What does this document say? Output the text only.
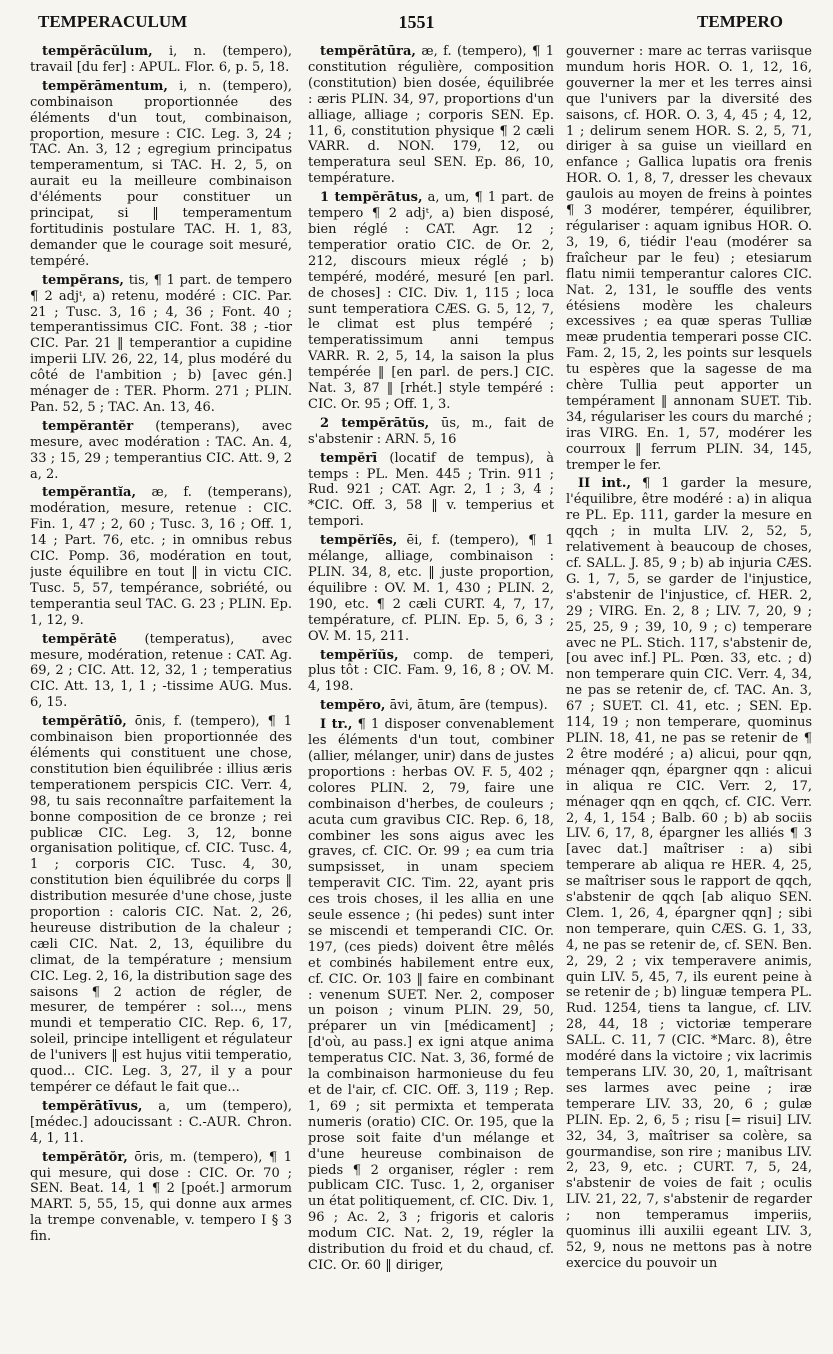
TEMPERACULUM	1551	TEMPERO

tempĕrācŭlum, i, n. (tempero), travail [du fer] : APUL. Flor. 6, p. 5, 18.

tempĕrāmentum, i, n. (tempero), combinaison proportionnée des éléments d'un tout, combinaison, proportion, mesure : CIC. Leg. 3, 24 ; TAC. An. 3, 12 ; egregium principatus temperamentum, si TAC. H. 2, 5, on aurait eu la meilleure combinaison d'éléments pour constituer un principat, si ‖ temperamentum fortitudinis postulare TAC. H. 1, 83, demander que le courage soit mesuré, tempéré.

tempĕrans, tis, ¶ 1 part. de tempero ¶ 2 adjᵗ, a) retenu, modéré : CIC. Par. 21 ; Tusc. 3, 16 ; 4, 36 ; Font. 40 ; temperantissimus CIC. Font. 38 ; -tior CIC. Par. 21 ‖ temperantior a cupidine imperii LIV. 26, 22, 14, plus modéré du côté de l'ambition ; b) [avec gén.] ménager de : TER. Phorm. 271 ; PLIN. Pan. 52, 5 ; TAC. An. 13, 46.

tempĕrantĕr (temperans), avec mesure, avec modération : TAC. An. 4, 33 ; 15, 29 ; temperantius CIC. Att. 9, 2 a, 2.

tempĕrantĭa, æ, f. (temperans), modération, mesure, retenue : CIC. Fin. 1, 47 ; 2, 60 ; Tusc. 3, 16 ; Off. 1, 14 ; Part. 76, etc. ; in omnibus rebus CIC. Pomp. 36, modération en tout, juste équilibre en tout ‖ in victu CIC. Tusc. 5, 57, tempérance, sobriété, ou temperantia seul TAC. G. 23 ; PLIN. Ep. 1, 12, 9.

tempĕrātē (temperatus), avec mesure, modération, retenue : CAT. Ag. 69, 2 ; CIC. Att. 12, 32, 1 ; temperatius CIC. Att. 13, 1, 1 ; -tissime AUG. Mus. 6, 15.

tempĕrātĭō, ōnis, f. (tempero), ¶ 1 combinaison bien proportionnée des éléments qui constituent une chose, constitution bien équilibrée : illius æris temperationem perspicis CIC. Verr. 4, 98, tu sais reconnaître parfaitement la bonne composition de ce bronze ; rei publicæ CIC. Leg. 3, 12, bonne organisation politique, cf. CIC. Tusc. 4, 1 ; corporis CIC. Tusc. 4, 30, constitution bien équilibrée du corps ‖ distribution mesurée d'une chose, juste proportion : caloris CIC. Nat. 2, 26, heureuse distribution de la chaleur ; cæli CIC. Nat. 2, 13, équilibre du climat, de la température ; mensium CIC. Leg. 2, 16, la distribution sage des saisons ¶ 2 action de régler, de mesurer, de tempérer : sol..., mens mundi et temperatio CIC. Rep. 6, 17, soleil, principe intelligent et régulateur de l'univers ‖ est hujus vitii temperatio, quod... CIC. Leg. 3, 27, il y a pour tempérer ce défaut le fait que...

tempĕrātīvus, a, um (tempero), [médec.] adoucissant : C.-AUR. Chron. 4, 1, 11.

tempĕrātŏr, ōris, m. (tempero), ¶ 1 qui mesure, qui dose : CIC. Or. 70 ; SEN. Beat. 14, 1 ¶ 2 [poét.] armorum MART. 5, 55, 15, qui donne aux armes la trempe convenable, v. tempero I § 3 fin.

tempĕrātūra, æ, f. (tempero), ¶ 1 constitution régulière, composition (constitution) bien dosée, équilibrée : æris PLIN. 34, 97, proportions d'un alliage, alliage ; corporis SEN. Ep. 11, 6, constitution physique ¶ 2 cæli VARR. d. NON. 179, 12, ou temperatura seul SEN. Ep. 86, 10, température.

1 tempĕrātus, a, um, ¶ 1 part. de tempero ¶ 2 adjᵗ, a) bien disposé, bien réglé : CAT. Agr. 12 ; temperatior oratio CIC. de Or. 2, 212, discours mieux réglé ; b) tempéré, modéré, mesuré [en parl. de choses] : CIC. Div. 1, 115 ; loca sunt temperatiora CÆS. G. 5, 12, 7, le climat est plus tempéré ; temperatissimum anni tempus VARR. R. 2, 5, 14, la saison la plus tempérée ‖ [en parl. de pers.] CIC. Nat. 3, 87 ‖ [rhét.] style tempéré : CIC. Or. 95 ; Off. 1, 3.

2 tempĕrātŭs, ūs, m., fait de s'abstenir : ARN. 5, 16

tempĕrī (locatif de tempus), à temps : PL. Men. 445 ; Trin. 911 ; Rud. 921 ; CAT. Agr. 2, 1 ; 3, 4 ; *CIC. Off. 3, 58 ‖ v. temperius et tempori.

tempĕrĭēs, ēi, f. (tempero), ¶ 1 mélange, alliage, combinaison : PLIN. 34, 8, etc. ‖ juste proportion, équilibre : OV. M. 1, 430 ; PLIN. 2, 190, etc. ¶ 2 cæli CURT. 4, 7, 17, température, cf. PLIN. Ep. 5, 6, 3 ; OV. M. 15, 211.

tempĕrĭŭs, comp. de temperi, plus tôt : CIC. Fam. 9, 16, 8 ; OV. M. 4, 198.

tempĕro, āvi, ātum, āre (tempus).

I tr., ¶ 1 disposer convenablement les éléments d'un tout, combiner (allier, mélanger, unir) dans de justes proportions : herbas OV. F. 5, 402 ; colores PLIN. 2, 79, faire une combinaison d'herbes, de couleurs ; acuta cum gravibus CIC. Rep. 6, 18, combiner les sons aigus avec les graves, cf. CIC. Or. 99 ; ea cum tria sumpsisset, in unam speciem temperavit CIC. Tim. 22, ayant pris ces trois choses, il les allia en une seule essence ; (hi pedes) sunt inter se miscendi et temperandi CIC. Or. 197, (ces pieds) doivent être mêlés et combinés habilement entre eux, cf. CIC. Or. 103 ‖ faire en combinant : venenum SUET. Ner. 2, composer un poison ; vinum PLIN. 29, 50, préparer un vin [médicament] ; [d'où, au pass.] ex igni atque anima temperatus CIC. Nat. 3, 36, formé de la combinaison harmonieuse du feu et de l'air, cf. CIC. Off. 3, 119 ; Rep. 1, 69 ; sit permixta et temperata numeris (oratio) CIC. Or. 195, que la prose soit faite d'un mélange et d'une heureuse combinaison de pieds ¶ 2 organiser, régler : rem publicam CIC. Tusc. 1, 2, organiser un état politiquement, cf. CIC. Div. 1, 96 ; Ac. 2, 3 ; frigoris et caloris modum CIC. Nat. 2, 19, régler la distribution du froid et du chaud, cf. CIC. Or. 60 ‖ diriger,

gouverner : mare ac terras variisque mundum horis HOR. O. 1, 12, 16, gouverner la mer et les terres ainsi que l'univers par la diversité des saisons, cf. HOR. O. 3, 4, 45 ; 4, 12, 1 ; delirum senem HOR. S. 2, 5, 71, diriger à sa guise un vieillard en enfance ; Gallica lupatis ora frenis HOR. O. 1, 8, 7, dresser les chevaux gaulois au moyen de freins à pointes ¶ 3 modérer, tempérer, équilibrer, régulariser : aquam ignibus HOR. O. 3, 19, 6, tiédir l'eau (modérer sa fraîcheur par le feu) ; etesiarum flatu nimii temperantur calores CIC. Nat. 2, 131, le souffle des vents étésiens modère les chaleurs excessives ; ea quæ speras Tulliæ meæ prudentia temperari posse CIC. Fam. 2, 15, 2, les points sur lesquels tu espères que la sagesse de ma chère Tullia peut apporter un tempérament ‖ annonam SUET. Tib. 34, régulariser les cours du marché ; iras VIRG. En. 1, 57, modérer les courroux ‖ ferrum PLIN. 34, 145, tremper le fer.

II int., ¶ 1 garder la mesure, l'équilibre, être modéré : a) in aliqua re PL. Ep. 111, garder la mesure en qqch ; in multa LIV. 2, 52, 5, relativement à beaucoup de choses, cf. SALL. J. 85, 9 ; b) ab injuria CÆS. G. 1, 7, 5, se garder de l'injustice, s'abstenir de l'injustice, cf. HER. 2, 29 ; VIRG. En. 2, 8 ; LIV. 7, 20, 9 ; 25, 25, 9 ; 39, 10, 9 ; c) temperare avec ne PL. Stich. 117, s'abstenir de, [ou avec inf.] PL. Pœn. 33, etc. ; d) non temperare quin CIC. Verr. 4, 34, ne pas se retenir de, cf. TAC. An. 3, 67 ; SUET. Cl. 41, etc. ; SEN. Ep. 114, 19 ; non temperare, quominus PLIN. 18, 41, ne pas se retenir de ¶ 2 être modéré ; a) alicui, pour qqn, ménager qqn, épargner qqn : alicui in aliqua re CIC. Verr. 2, 17, ménager qqn en qqch, cf. CIC. Verr. 2, 4, 1, 154 ; Balb. 60 ; b) ab sociis LIV. 6, 17, 8, épargner les alliés ¶ 3 [avec dat.] maîtriser : a) sibi temperare ab aliqua re HER. 4, 25, se maîtriser sous le rapport de qqch, s'abstenir de qqch [ab aliquo SEN. Clem. 1, 26, 4, épargner qqn] ; sibi non temperare, quin CÆS. G. 1, 33, 4, ne pas se retenir de, cf. SEN. Ben. 2, 29, 2 ; vix temperavere animis, quin LIV. 5, 45, 7, ils eurent peine à se retenir de ; b) linguæ tempera PL. Rud. 1254, tiens ta langue, cf. LIV. 28, 44, 18 ; victoriæ temperare SALL. C. 11, 7 (CIC. *Marc. 8), être modéré dans la victoire ; vix lacrimis temperans LIV. 30, 20, 1, maîtrisant ses larmes avec peine ; iræ temperare LIV. 33, 20, 6 ; gulæ PLIN. Ep. 2, 6, 5 ; risu [= risui] LIV. 32, 34, 3, maîtriser sa colère, sa gourmandise, son rire ; manibus LIV. 2, 23, 9, etc. ; CURT. 7, 5, 24, s'abstenir de voies de fait ; oculis LIV. 21, 22, 7, s'abstenir de regarder ; non temperamus imperiis, quominus illi auxilii egeant LIV. 3, 52, 9, nous ne mettons pas à notre exercice du pouvoir un
